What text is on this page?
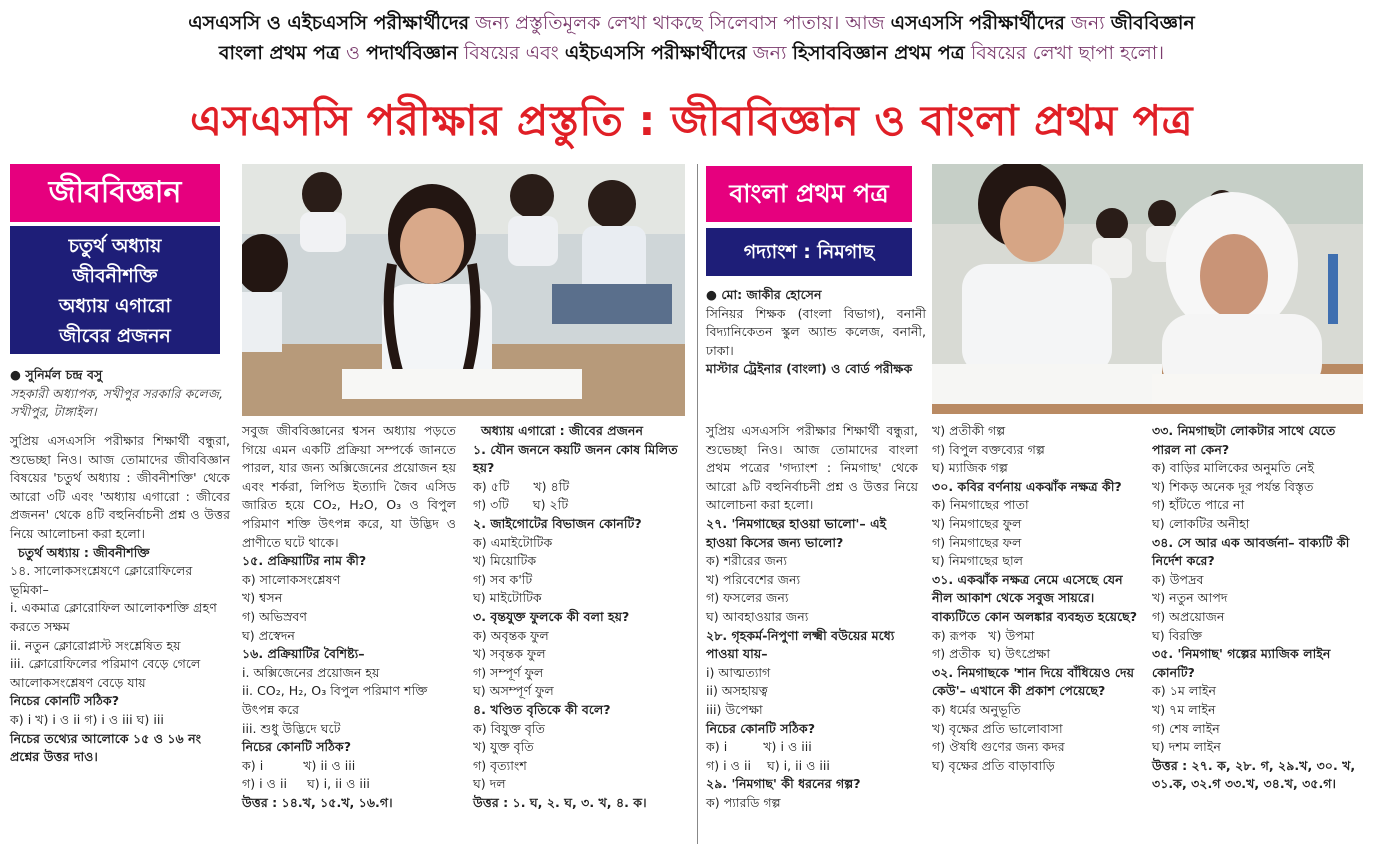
এসএসসি ও এইচএসসি পরীক্ষার্থীদের জন্য প্রস্তুতিমূলক লেখা থাকছে সিলেবাস পাতায়। আজ এসএসসি পরীক্ষার্থীদের জন্য জীববিজ্ঞান
বাংলা প্রথম পত্র ও পদার্থবিজ্ঞান বিষয়ের এবং এইচএসসি পরীক্ষার্থীদের জন্য হিসাববিজ্ঞান প্রথম পত্র বিষয়ের লেখা ছাপা হলো।
এসএসসি পরীক্ষার প্রস্তুতি : জীববিজ্ঞান ও বাংলা প্রথম পত্র
জীববিজ্ঞান
চতুর্থ অধ্যায়
জীবনীশক্তি
অধ্যায় এগারো
জীবের প্রজনন
● সুনির্মল চন্দ্র বসু
সহকারী অধ্যাপক, সখীপুর সরকারি কলেজ, সখীপুর, টাঙ্গাইল।

সুপ্রিয় এসএসসি পরীক্ষার শিক্ষার্থী বন্ধুরা, শুভেচ্ছা নিও। আজ তোমাদের জীববিজ্ঞান বিষয়ের 'চতুর্থ অধ্যায় : জীবনীশক্তি' থেকে আরো ৩টি এবং 'অধ্যায় এগারো : জীবের প্রজনন' থেকে ৪টি বহুনির্বাচনী প্রশ্ন ও উত্তর নিয়ে আলোচনা করা হলো।

চতুর্থ অধ্যায় : জীবনীশক্তি

১৪. সালোকসংশ্লেষণে ক্লোরোফিলের ভূমিকা–

i. একমাত্র ক্লোরোফিল আলোকশক্তি গ্রহণ করতে সক্ষম

ii. নতুন ক্লোরোপ্লাস্ট সংশ্লেষিত হয়

iii. ক্লোরোফিলের পরিমাণ বেড়ে গেলে আলোকসংশ্লেষণ বেড়ে যায়

নিচের কোনটি সঠিক?

ক) i খ) i ও ii গ) i ও iii ঘ) iii

নিচের তথ্যের আলোকে ১৫ ও ১৬ নং প্রশ্নের উত্তর দাও।

সবুজ জীববিজ্ঞানের শ্বসন অধ্যায় পড়তে গিয়ে এমন একটি প্রক্রিয়া সম্পর্কে জানতে পারল, যার জন্য অক্সিজেনের প্রয়োজন হয় এবং শর্করা, লিপিড ইত্যাদি জৈব এসিড জারিত হয়ে CO₂, H₂O, O₃ ও বিপুল পরিমাণ শক্তি উৎপন্ন করে, যা উদ্ভিদ ও প্রাণীতে ঘটে থাকে।

১৫. প্রক্রিয়াটির নাম কী?

ক) সালোকসংশ্লেষণ

খ) শ্বসন

গ) অভিস্রবণ

ঘ) প্রস্বেদন

১৬. প্রক্রিয়াটির বৈশিষ্ট্য–

i. অক্সিজেনের প্রয়োজন হয়

ii. CO₂, H₂, O₃ বিপুল পরিমাণ শক্তি উৎপন্ন করে

iii. শুধু উদ্ভিদে ঘটে

নিচের কোনটি সঠিক?

ক) i          খ) ii ও iii

গ) i ও ii     ঘ) i, ii ও iii

উত্তর : ১৪.খ, ১৫.খ, ১৬.গ।

অধ্যায় এগারো : জীবের প্রজনন

১. যৌন জননে কয়টি জনন কোষ মিলিত হয়?

ক) ৫টি      খ) ৪টি

গ) ৩টি      ঘ) ২টি

২. জাইগোটের বিভাজন কোনটি?

ক) এমাইটোটিক

খ) মিয়োটিক

গ) সব ক'টি

ঘ) মাইটোটিক

৩. বৃন্তযুক্ত ফুলকে কী বলা হয়?

ক) অবৃন্তক ফুল

খ) সবৃন্তক ফুল

গ) সম্পূর্ণ ফুল

ঘ) অসম্পূর্ণ ফুল

৪. খণ্ডিত বৃতিকে কী বলে?

ক) বিযুক্ত বৃতি

খ) যুক্ত বৃতি

গ) বৃত্যাংশ

ঘ) দল

উত্তর : ১. ঘ, ২. ঘ, ৩. খ, ৪. ক।

বাংলা প্রথম পত্র
গদ্যাংশ : নিমগাছ
● মো: জাকীর হোসেন
সিনিয়র শিক্ষক (বাংলা বিভাগ), বনানী বিদ্যানিকেতন স্কুল অ্যান্ড কলেজ, বনানী, ঢাকা।
মাস্টার ট্রেইনার (বাংলা) ও বোর্ড পরীক্ষক

সুপ্রিয় এসএসসি পরীক্ষার শিক্ষার্থী বন্ধুরা, শুভেচ্ছা নিও। আজ তোমাদের বাংলা প্রথম পত্রের 'গদ্যাংশ : নিমগাছ' থেকে আরো ৯টি বহুনির্বাচনী প্রশ্ন ও উত্তর নিয়ে আলোচনা করা হলো।

২৭. 'নিমগাছের হাওয়া ভালো'– এই হাওয়া কিসের জন্য ভালো?

ক) শরীরের জন্য

খ) পরিবেশের জন্য

গ) ফসলের জন্য

ঘ) আবহাওয়ার জন্য

২৮. গৃহকর্ম-নিপুণা লক্ষ্মী বউয়ের মধ্যে পাওয়া যায়–

i) আত্মত্যাগ

ii) অসহায়ত্ব

iii) উপেক্ষা

নিচের কোনটি সঠিক?

ক) i         খ) i ও iii

গ) i ও ii    ঘ) i, ii ও iii

২৯. 'নিমগাছ' কী ধরনের গল্প?

ক) প্যারডি গল্প

খ) প্রতীকী গল্প

গ) বিপুল বক্তব্যের গল্প

ঘ) ম্যাজিক গল্প

৩০. কবির বর্ণনায় একঝাঁক নক্ষত্র কী?

ক) নিমগাছের পাতা

খ) নিমগাছের ফুল

গ) নিমগাছের ফল

ঘ) নিমগাছের ছাল

৩১. একঝাঁক নক্ষত্র নেমে এসেছে যেন নীল আকাশ থেকে সবুজ সায়রে। বাক্যটিতে কোন অলঙ্কার ব্যবহৃত হয়েছে?

ক) রূপক   খ) উপমা

গ) প্রতীক  ঘ) উৎপ্রেক্ষা

৩২. নিমগাছকে 'শান দিয়ে বাঁধিয়েও দেয় কেউ'– এখানে কী প্রকাশ পেয়েছে?

ক) ধর্মের অনুভূতি

খ) বৃক্ষের প্রতি ভালোবাসা

গ) ঔষধি গুণের জন্য কদর

ঘ) বৃক্ষের প্রতি বাড়াবাড়ি

৩৩. নিমগাছটা লোকটার সাথে যেতে পারল না কেন?

ক) বাড়ির মালিকের অনুমতি নেই

খ) শিকড় অনেক দূর পর্যন্ত বিস্তৃত

গ) হাঁটতে পারে না

ঘ) লোকটির অনীহা

৩৪. সে আর এক আবর্জনা– বাক্যটি কী নির্দেশ করে?

ক) উপদ্রব

খ) নতুন আপদ

গ) অপ্রয়োজন

ঘ) বিরক্তি

৩৫. 'নিমগাছ' গল্পের ম্যাজিক লাইন কোনটি?

ক) ১ম লাইন

খ) ৭ম লাইন

গ) শেষ লাইন

ঘ) দশম লাইন

উত্তর : ২৭. ক, ২৮. গ, ২৯.খ, ৩০. খ, ৩১.ক, ৩২.গ ৩৩.খ, ৩৪.খ, ৩৫.গ।
